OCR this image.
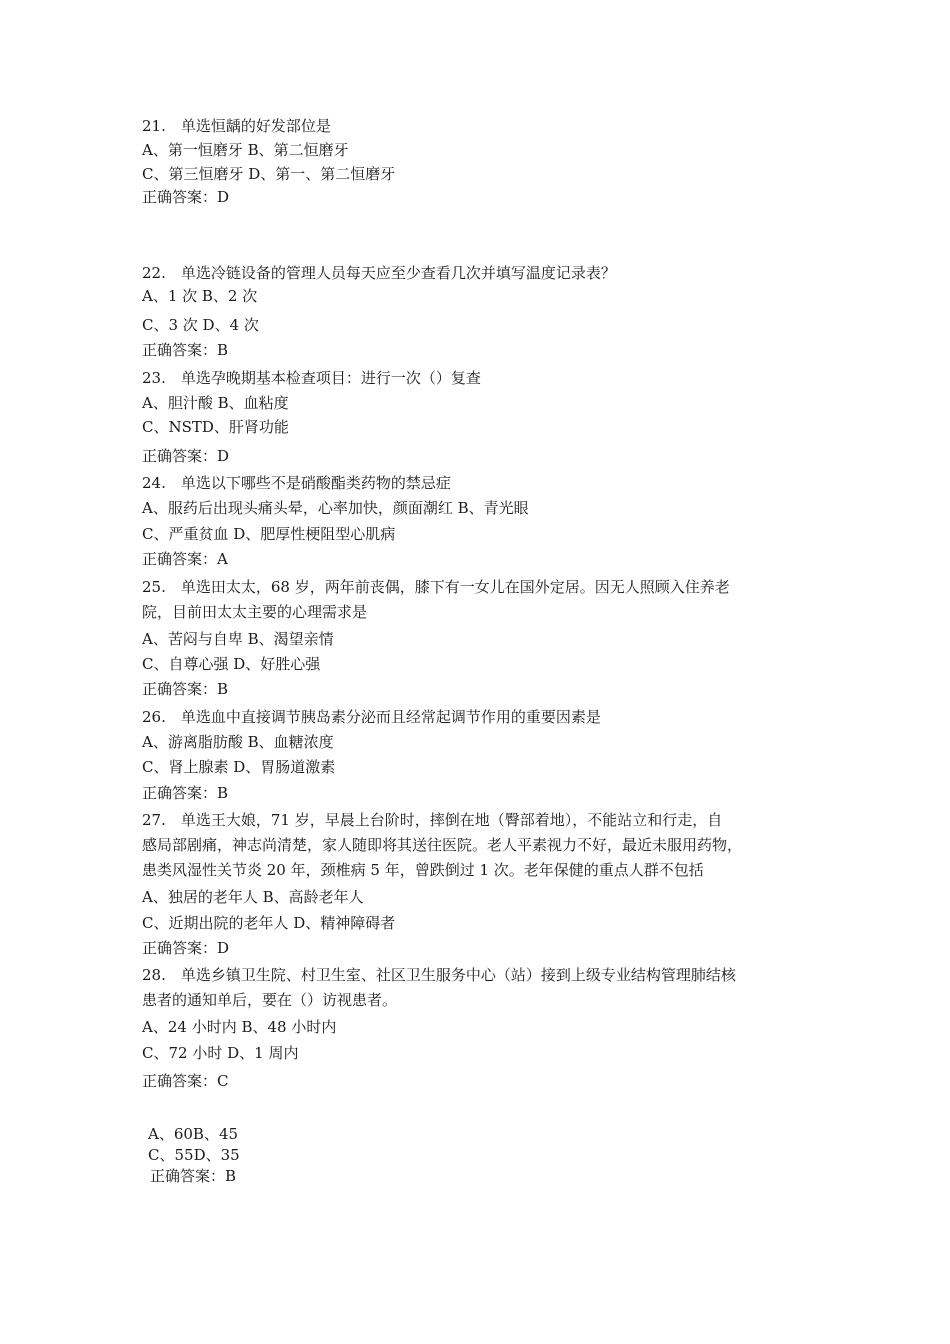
21.　单选恒龋的好发部位是
A、第一恒磨牙 B、第二恒磨牙
C、第三恒磨牙 D、第一、第二恒磨牙
正确答案：D
22.　单选冷链设备的管理人员每天应至少查看几次并填写温度记录表？
A、1 次 B、2 次
C、3 次 D、4 次
正确答案：B
23.　单选孕晚期基本检查项目：进行一次（）复查
A、胆汁酸 B、血粘度
C、NSTD、肝肾功能
正确答案：D
24.　单选以下哪些不是硝酸酯类药物的禁忌症
A、服药后出现头痛头晕，心率加快，颜面潮红 B、青光眼
C、严重贫血 D、肥厚性梗阻型心肌病
正确答案：A
25.　单选田太太，68 岁，两年前丧偶，膝下有一女儿在国外定居。因无人照顾入住养老
院，目前田太太主要的心理需求是
A、苦闷与自卑 B、渴望亲情
C、自尊心强 D、好胜心强
正确答案：B
26.　单选血中直接调节胰岛素分泌而且经常起调节作用的重要因素是
A、游离脂肪酸 B、血糖浓度
C、肾上腺素 D、胃肠道激素
正确答案：B
27.　单选王大娘，71 岁，早晨上台阶时，摔倒在地（臀部着地），不能站立和行走，自
感局部剧痛，神志尚清楚，家人随即将其送往医院。老人平素视力不好，最近未服用药物，
患类风湿性关节炎 20 年，颈椎病 5 年，曾跌倒过 1 次。老年保健的重点人群不包括
A、独居的老年人 B、高龄老年人
C、近期出院的老年人 D、精神障碍者
正确答案：D
28.　单选乡镇卫生院、村卫生室、社区卫生服务中心（站）接到上级专业结构管理肺结核
患者的通知单后，要在（）访视患者。
A、24 小时内 B、48 小时内
C、72 小时 D、1 周内
正确答案：C
A、60B、45
C、55D、35
正确答案：B
